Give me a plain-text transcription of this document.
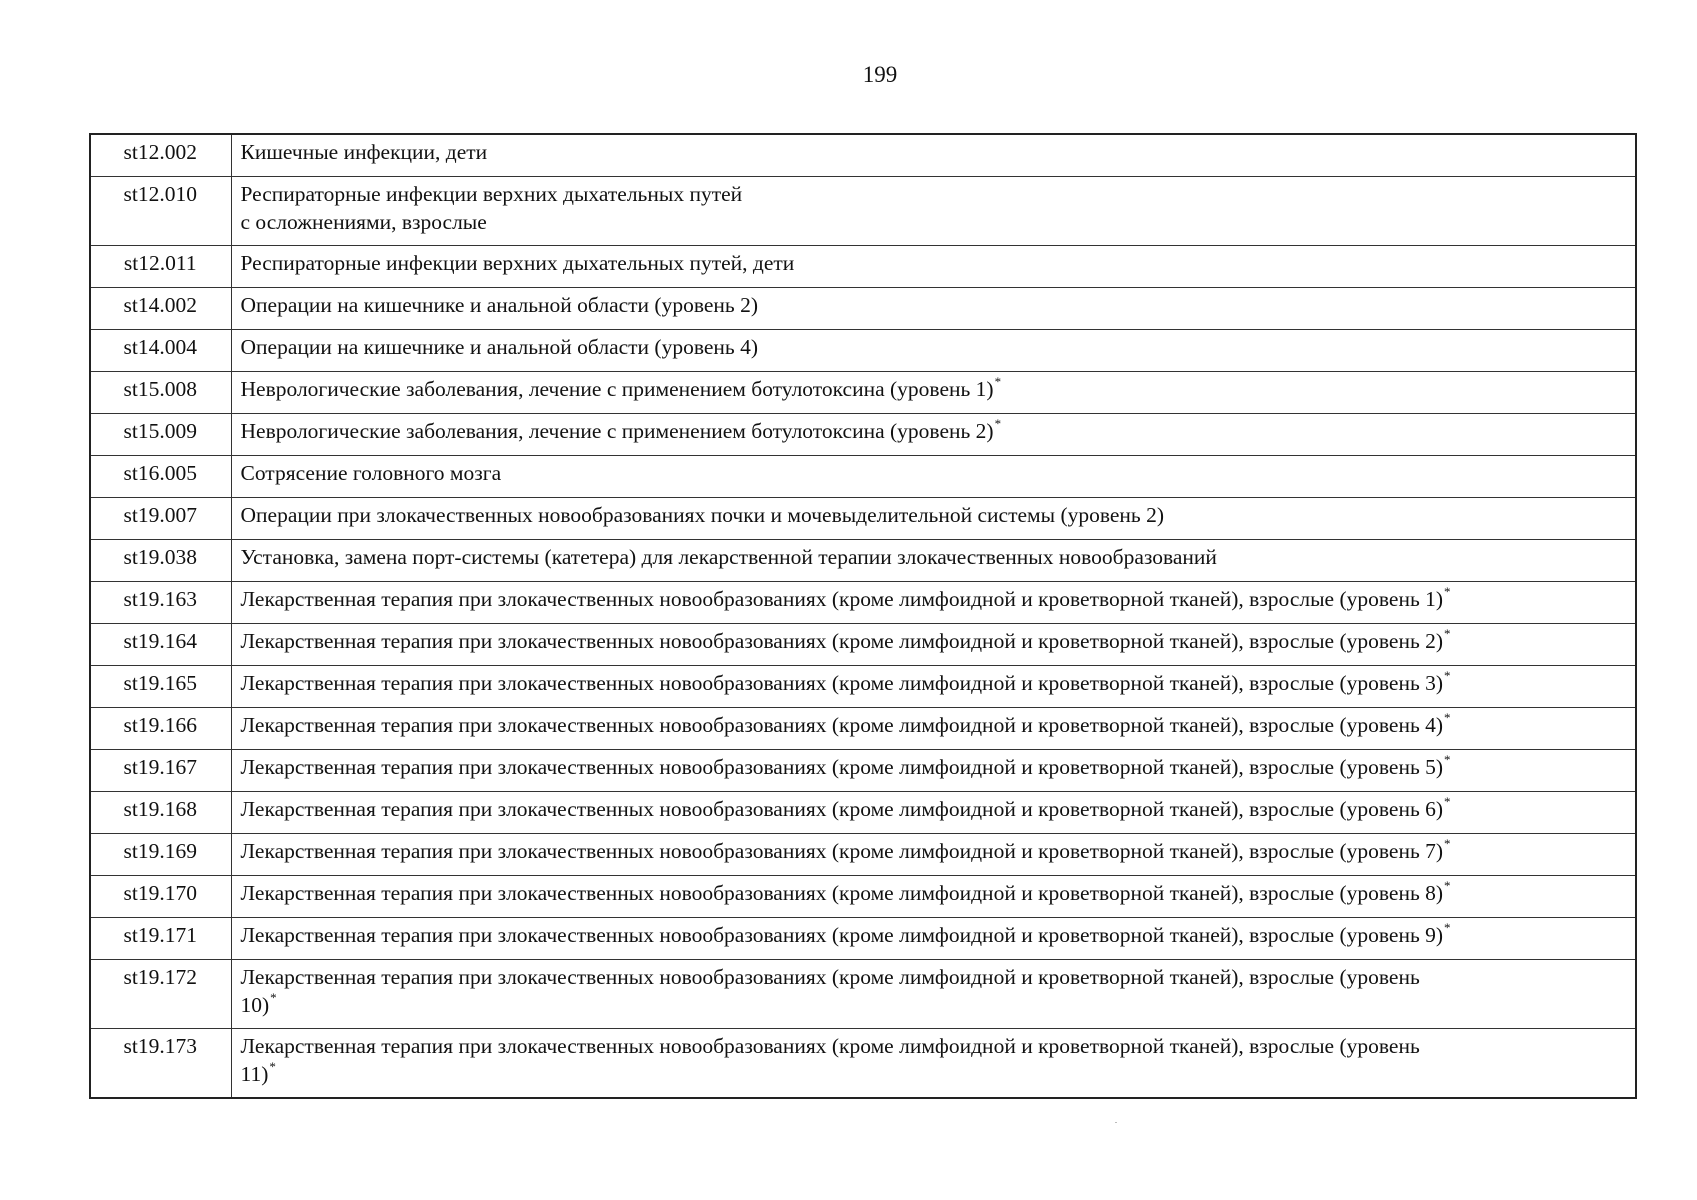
199
st12.002	Кишечные инфекции, дети
st12.010	Респираторные инфекции верхних дыхательных путей
с осложнениями, взрослые
st12.011	Респираторные инфекции верхних дыхательных путей, дети
st14.002	Операции на кишечнике и анальной области (уровень 2)
st14.004	Операции на кишечнике и анальной области (уровень 4)
st15.008	Неврологические заболевания, лечение с применением ботулотоксина (уровень 1)*
st15.009	Неврологические заболевания, лечение с применением ботулотоксина (уровень 2)*
st16.005	Сотрясение головного мозга
st19.007	Операции при злокачественных новообразованиях почки и мочевыделительной системы (уровень 2)
st19.038	Установка, замена порт-системы (катетера) для лекарственной терапии злокачественных новообразований
st19.163	Лекарственная терапия при злокачественных новообразованиях (кроме лимфоидной и кроветворной тканей), взрослые (уровень 1)*
st19.164	Лекарственная терапия при злокачественных новообразованиях (кроме лимфоидной и кроветворной тканей), взрослые (уровень 2)*
st19.165	Лекарственная терапия при злокачественных новообразованиях (кроме лимфоидной и кроветворной тканей), взрослые (уровень 3)*
st19.166	Лекарственная терапия при злокачественных новообразованиях (кроме лимфоидной и кроветворной тканей), взрослые (уровень 4)*
st19.167	Лекарственная терапия при злокачественных новообразованиях (кроме лимфоидной и кроветворной тканей), взрослые (уровень 5)*
st19.168	Лекарственная терапия при злокачественных новообразованиях (кроме лимфоидной и кроветворной тканей), взрослые (уровень 6)*
st19.169	Лекарственная терапия при злокачественных новообразованиях (кроме лимфоидной и кроветворной тканей), взрослые (уровень 7)*
st19.170	Лекарственная терапия при злокачественных новообразованиях (кроме лимфоидной и кроветворной тканей), взрослые (уровень 8)*
st19.171	Лекарственная терапия при злокачественных новообразованиях (кроме лимфоидной и кроветворной тканей), взрослые (уровень 9)*
st19.172	Лекарственная терапия при злокачественных новообразованиях (кроме лимфоидной и кроветворной тканей), взрослые (уровень
10)*
st19.173	Лекарственная терапия при злокачественных новообразованиях (кроме лимфоидной и кроветворной тканей), взрослые (уровень
11)*
